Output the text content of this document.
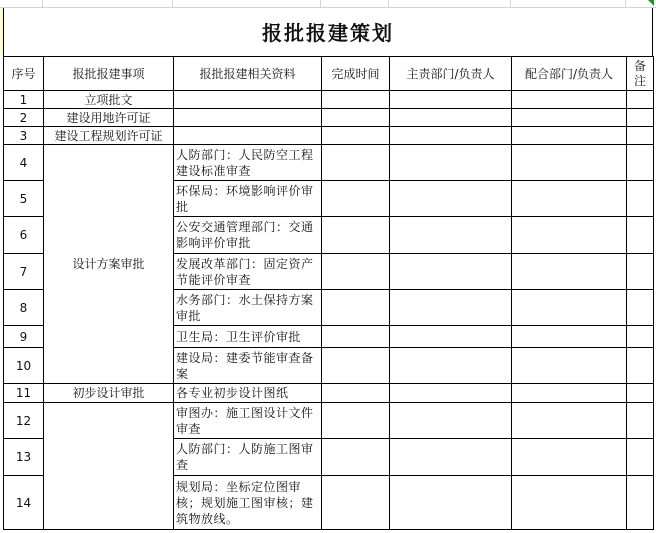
报批报建策划
序号	报批报建事项	报批报建相关资料	完成时间	主责部门/负责人	配合部门/负责人	备注
1	立项批文					
2	建设用地许可证					
3	建设工程规划许可证					
4	设计方案审批	人防部门：人民防空工程建设标准审查				
5		环保局：环境影响评价审批				
6		公安交通管理部门：交通影响评价审批				
7		发展改革部门：固定资产节能评价审查				
8		水务部门：水土保持方案审批				
9		卫生局：卫生评价审批				
10		建设局：建委节能审查备案				
11	初步设计审批	各专业初步设计图纸				
12		审图办：施工图设计文件审查				
13		人防部门：人防施工图审查				
14		规划局：坐标定位图审核；规划施工图审核；建筑物放线。				
